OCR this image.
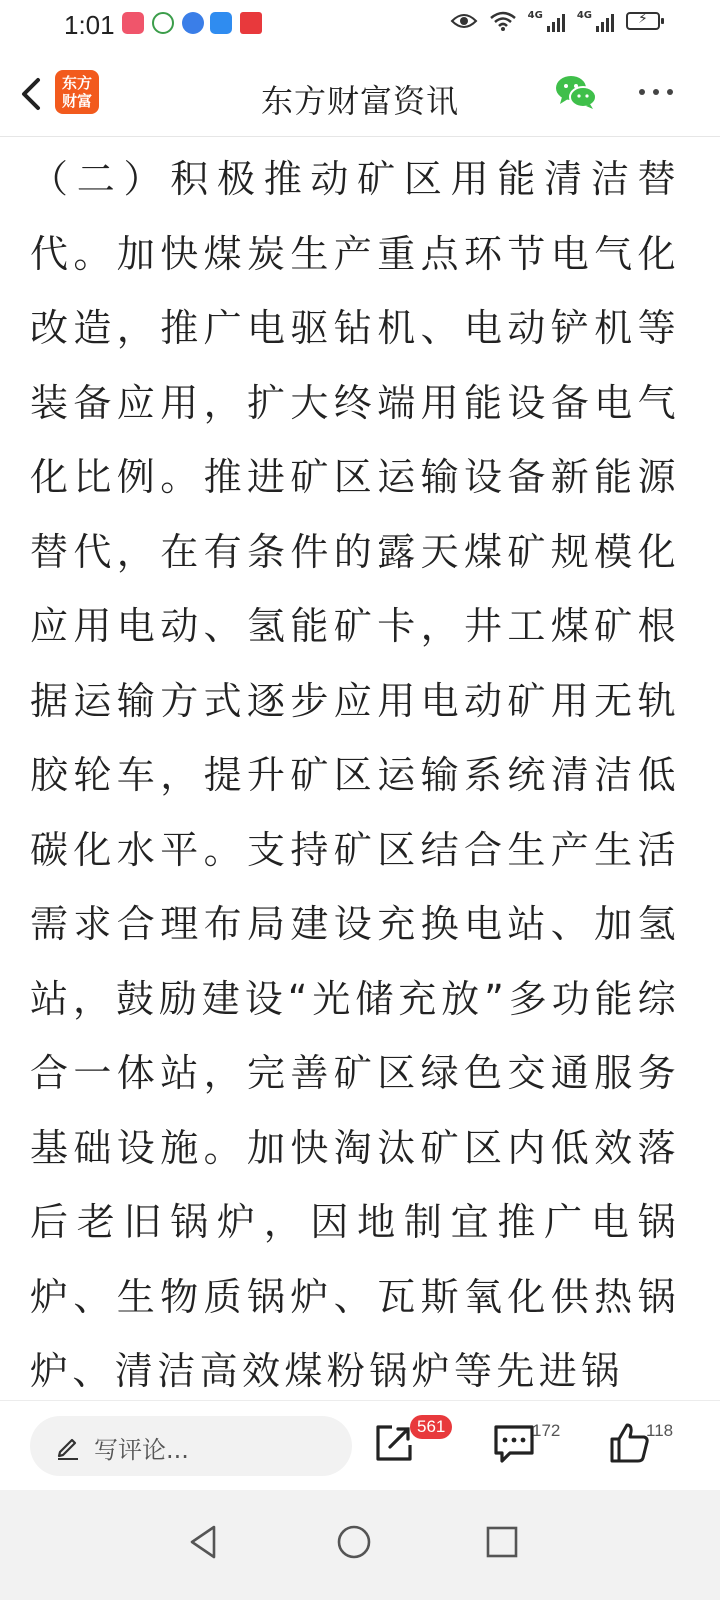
1:01	4G	4G	⚡
东方
财富	东方财富资讯

（二）积极推动矿区用能清洁替代。加快煤炭生产重点环节电气化改造，推广电驱钻机、电动铲机等装备应用，扩大终端用能设备电气化比例。推进矿区运输设备新能源替代，在有条件的露天煤矿规模化应用电动、氢能矿卡，井工煤矿根据运输方式逐步应用电动矿用无轨胶轮车，提升矿区运输系统清洁低碳化水平。支持矿区结合生产生活需求合理布局建设充换电站、加氢站，鼓励建设“光储充放”多功能综合一体站，完善矿区绿色交通服务基础设施。加快淘汰矿区内低效落后老旧锅炉，因地制宜推广电锅炉、生物质锅炉、瓦斯氧化供热锅炉、清洁高效煤粉锅炉等先进锅

写评论...
561	172	118
